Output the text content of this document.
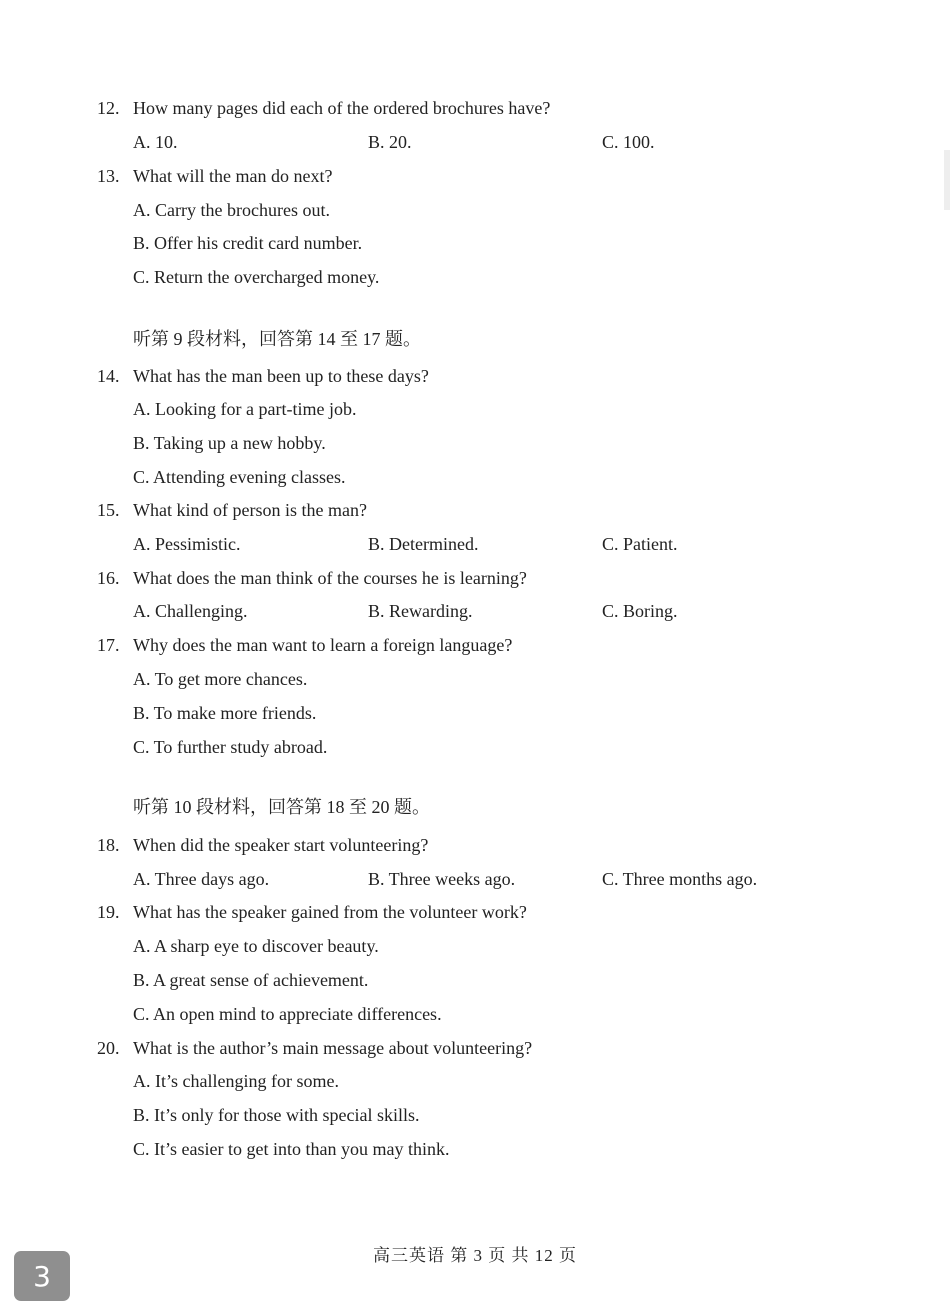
12. How many pages did each of the ordered brochures have?
A. 10.	B. 20.	C. 100.
13. What will the man do next?
A. Carry the brochures out.
B. Offer his credit card number.
C. Return the overcharged money.
听第 9 段材料，回答第 14 至 17 题。
14. What has the man been up to these days?
A. Looking for a part-time job.
B. Taking up a new hobby.
C. Attending evening classes.
15. What kind of person is the man?
A. Pessimistic.	B. Determined.	C. Patient.
16. What does the man think of the courses he is learning?
A. Challenging.	B. Rewarding.	C. Boring.
17. Why does the man want to learn a foreign language?
A. To get more chances.
B. To make more friends.
C. To further study abroad.
听第 10 段材料，回答第 18 至 20 题。
18. When did the speaker start volunteering?
A. Three days ago.	B. Three weeks ago.	C. Three months ago.
19. What has the speaker gained from the volunteer work?
A. A sharp eye to discover beauty.
B. A great sense of achievement.
C. An open mind to appreciate differences.
20. What is the author’s main message about volunteering?
A. It’s challenging for some.
B. It’s only for those with special skills.
C. It’s easier to get into than you may think.
高三英语 第 3 页 共 12 页
3
